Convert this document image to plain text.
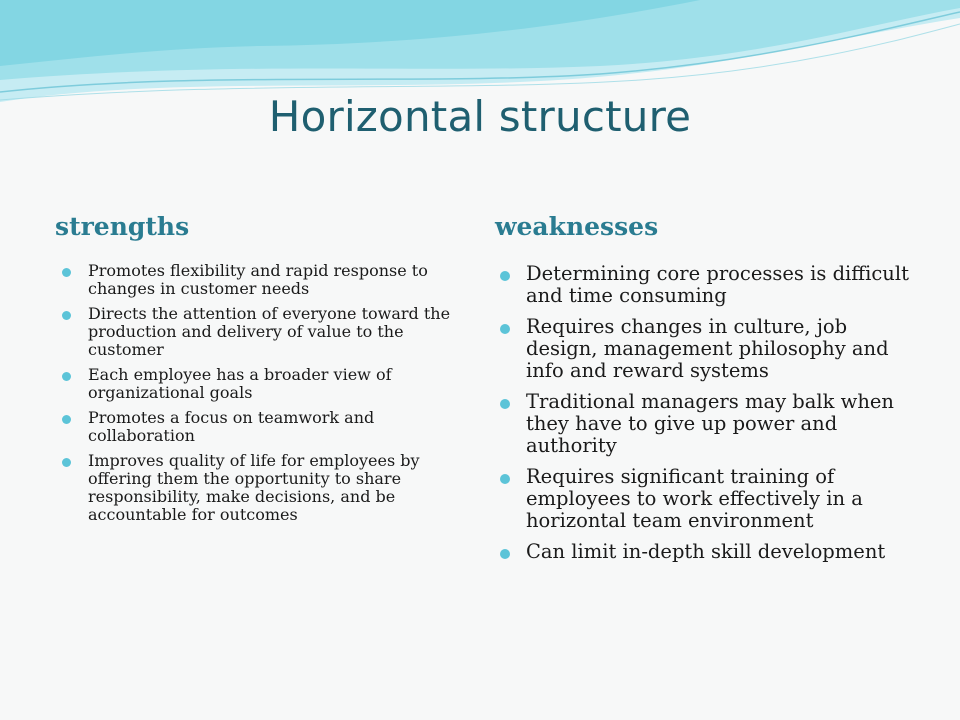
Horizontal structure
strengths	weaknesses
Promotes flexibility and rapid response to changes in customer needs
Directs the attention of everyone toward the production and delivery of value to the customer
Each employee has a broader view of organizational goals
Promotes a focus on teamwork and collaboration
Improves quality of life for employees by offering them the opportunity to share responsibility, make decisions, and be accountable for outcomes
Determining core processes is difficult and time consuming
Requires changes in culture, job design, management philosophy and info and reward systems
Traditional managers may balk when they have to give up power and authority
Requires significant training of employees to work effectively in a horizontal team environment
Can limit in-depth skill development
